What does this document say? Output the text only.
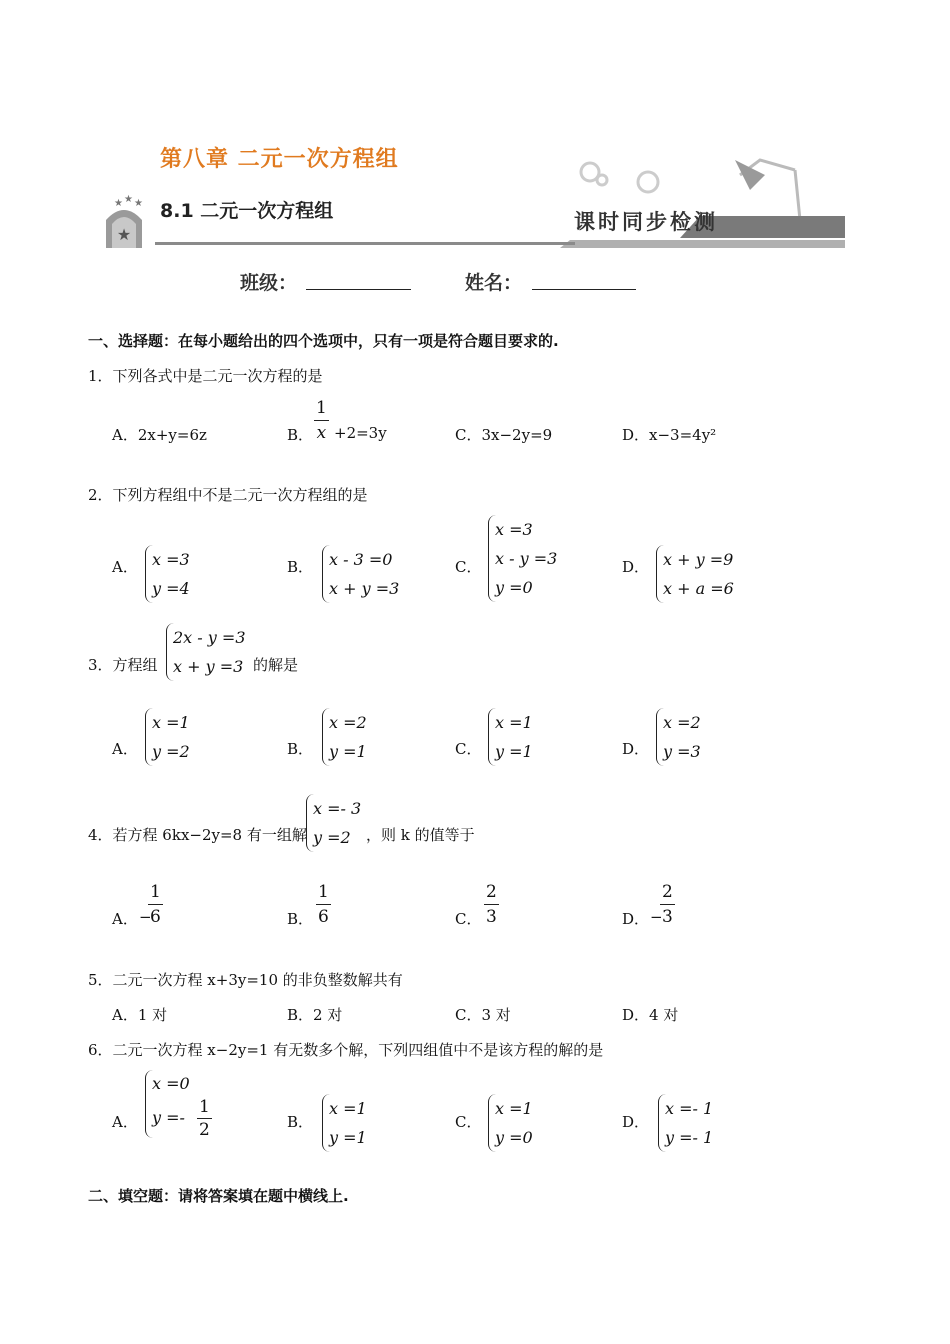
★
★ ★ ★
第八章 二元一次方程组
8.1 二元一次方程组	课时同步检测
班级：	姓名：
一、选择题：在每小题给出的四个选项中，只有一项是符合题目要求的.
1．下列各式中是二元一次方程的是
A．2x+y=6z	B． $\frac{1}{x} +2=3y$	C．3x−2y=9	D．x−3=4y²
2．下列方程组中不是二元一次方程组的是
A． x =3
y =4
B． x - 3 =0
x + y =3
C．
x =3
x - y =3
y =0
D． x + y =9
x + a =6
3．方程组
2x - y =3
x + y =3 的解是
A．
x =1
y =2	B．
x =2
y =1	C．
x =1
y =1	D．
x =2
y =3
4．若方程 6kx−2y=8 有一组解
x =- 3
y =2	，则 k 的值等于
A． −
$\frac{1}{6}$	B． $\frac{1}{6}$	C． $\frac{2}{3}$	D． −
$\frac{2}{3}$
5．二元一次方程 x+3y=10 的非负整数解共有
A．1 对	B．2 对	C．3 对	D．4 对
6．二元一次方程 x−2y=1 有无数多个解，下列四组值中不是该方程的解的是
A．
x =0
$y =- \frac{1}{2}$	B．
x =1
y =1
C．
x =1
y =0
D．
x =- 1
y =- 1
二、填空题：请将答案填在题中横线上.
